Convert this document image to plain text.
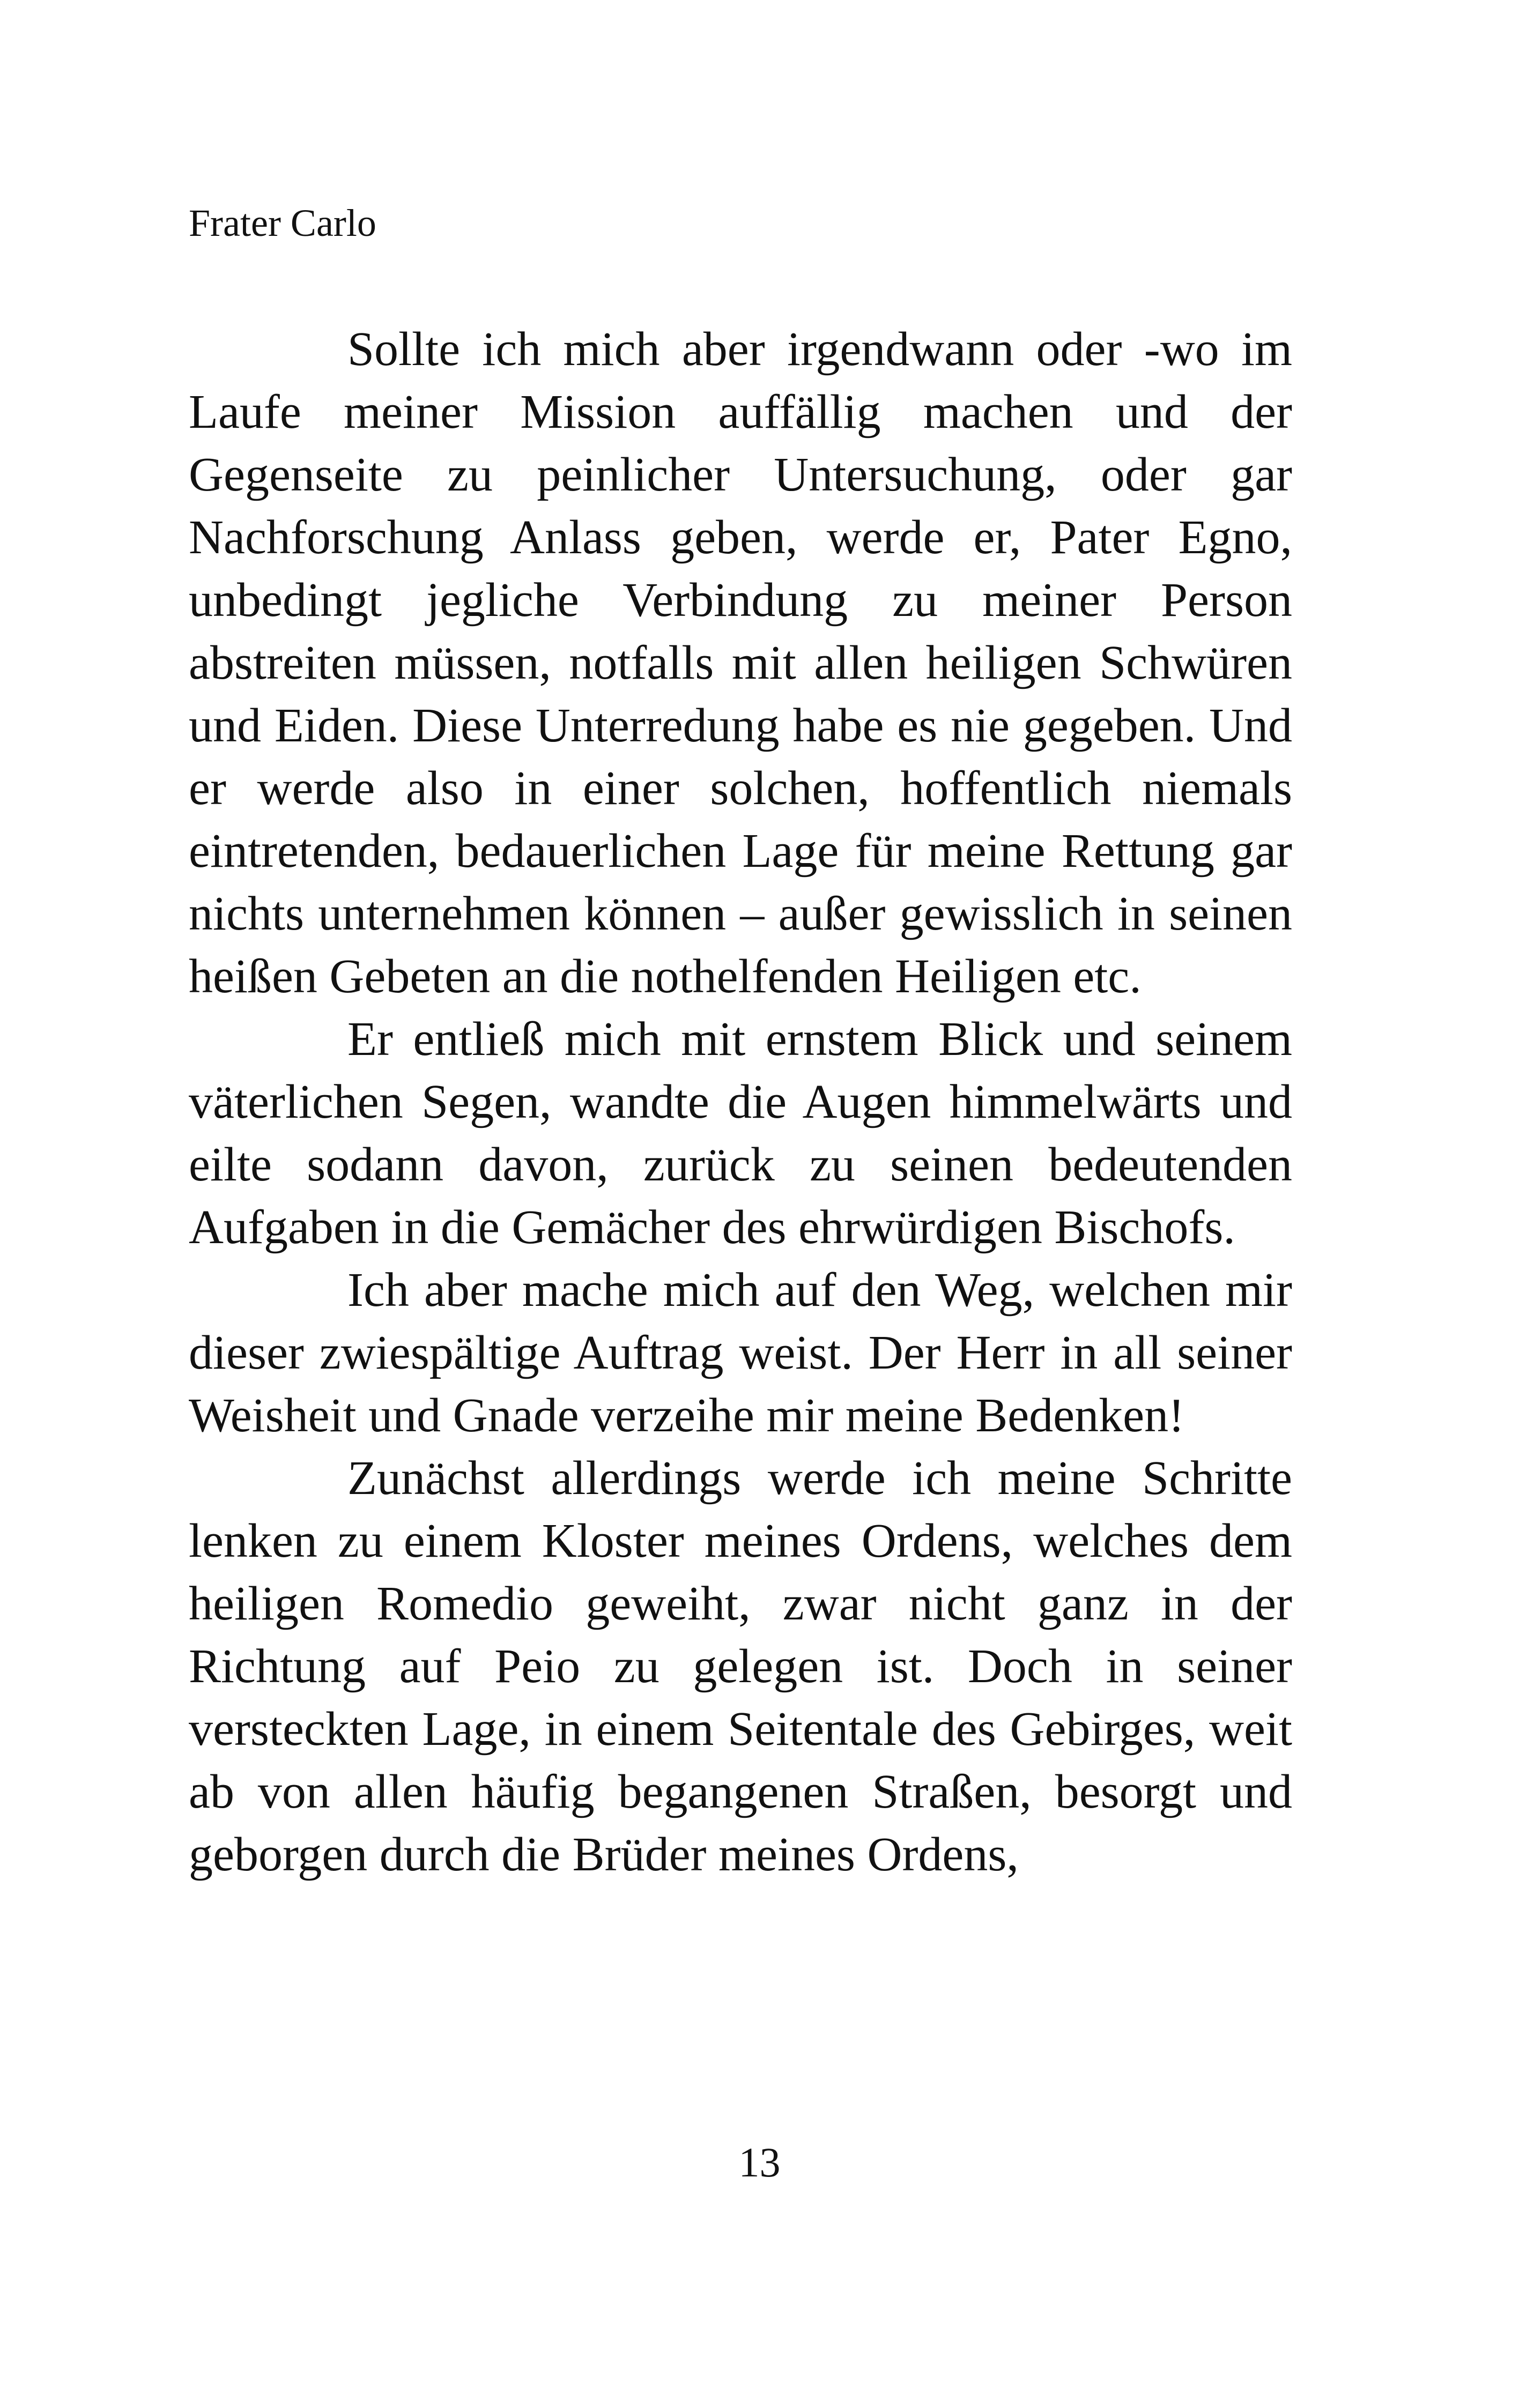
Frater Carlo

Sollte ich mich aber irgendwann oder -wo im Laufe meiner Mission auffällig machen und der Gegenseite zu peinlicher Untersuchung, oder gar Nachforschung Anlass geben, werde er, Pater Egno, unbedingt jegliche Verbindung zu meiner Person abstreiten müssen, notfalls mit allen heiligen Schwüren und Eiden. Diese Unterredung habe es nie gegeben. Und er werde also in einer solchen, hoffentlich niemals eintretenden, bedauerlichen Lage für meine Rettung gar nichts unternehmen können – außer gewisslich in seinen heißen Gebeten an die nothelfenden Heiligen etc.

Er entließ mich mit ernstem Blick und seinem väterlichen Segen, wandte die Augen himmelwärts und eilte sodann davon, zurück zu seinen bedeutenden Aufgaben in die Gemächer des ehrwürdigen Bischofs.

Ich aber mache mich auf den Weg, welchen mir dieser zwiespältige Auftrag weist. Der Herr in all seiner Weisheit und Gnade verzeihe mir meine Bedenken!

Zunächst allerdings werde ich meine Schritte lenken zu einem Kloster meines Ordens, welches dem heiligen Romedio geweiht, zwar nicht ganz in der Richtung auf Peio zu gelegen ist. Doch in seiner versteckten Lage, in einem Seitentale des Gebirges, weit ab von allen häufig begangenen Straßen, besorgt und geborgen durch die Brüder meines Ordens,

13
